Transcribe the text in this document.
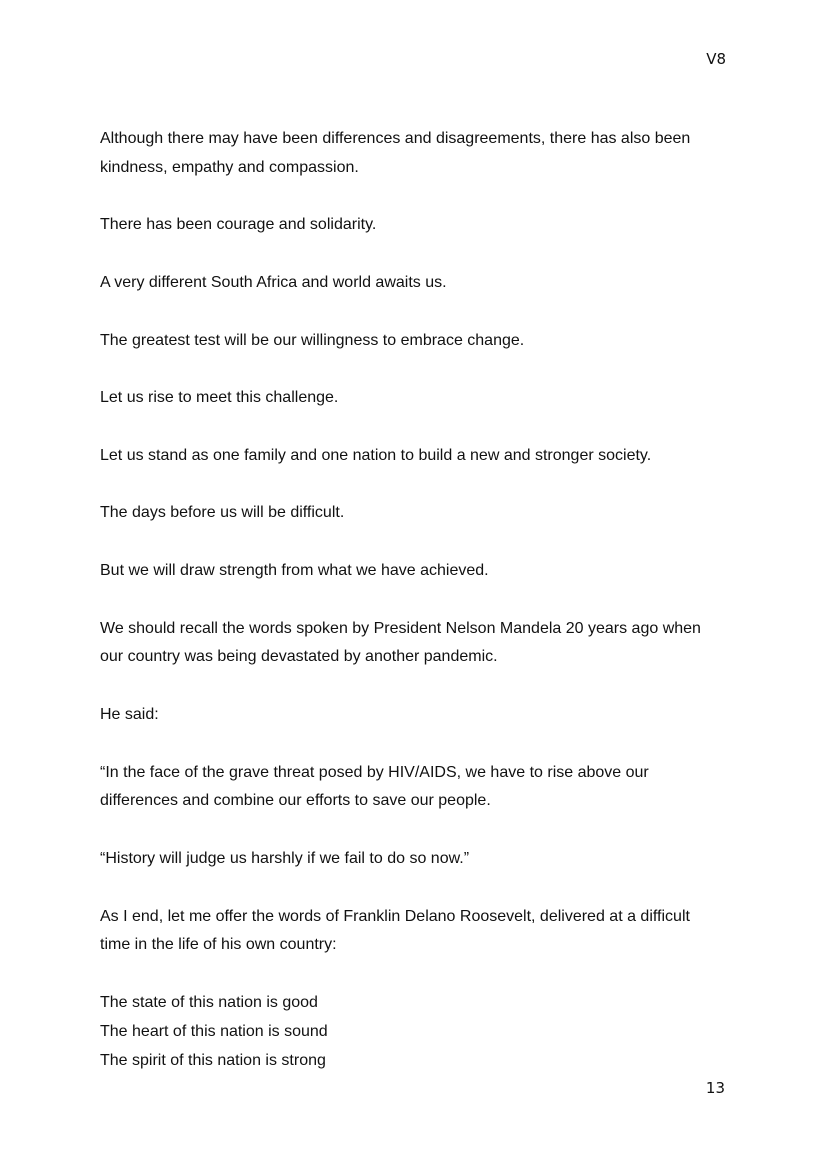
V8

Although there may have been differences and disagreements, there has also been
kindness, empathy and compassion.

There has been courage and solidarity.

A very different South Africa and world awaits us.

The greatest test will be our willingness to embrace change.

Let us rise to meet this challenge.

Let us stand as one family and one nation to build a new and stronger society.

The days before us will be difficult.

But we will draw strength from what we have achieved.

We should recall the words spoken by President Nelson Mandela 20 years ago when
our country was being devastated by another pandemic.

He said:

“In the face of the grave threat posed by HIV/AIDS, we have to rise above our
differences and combine our efforts to save our people.

“History will judge us harshly if we fail to do so now.”

As I end, let me offer the words of Franklin Delano Roosevelt, delivered at a difficult
time in the life of his own country:

The state of this nation is good
The heart of this nation is sound
The spirit of this nation is strong

13
